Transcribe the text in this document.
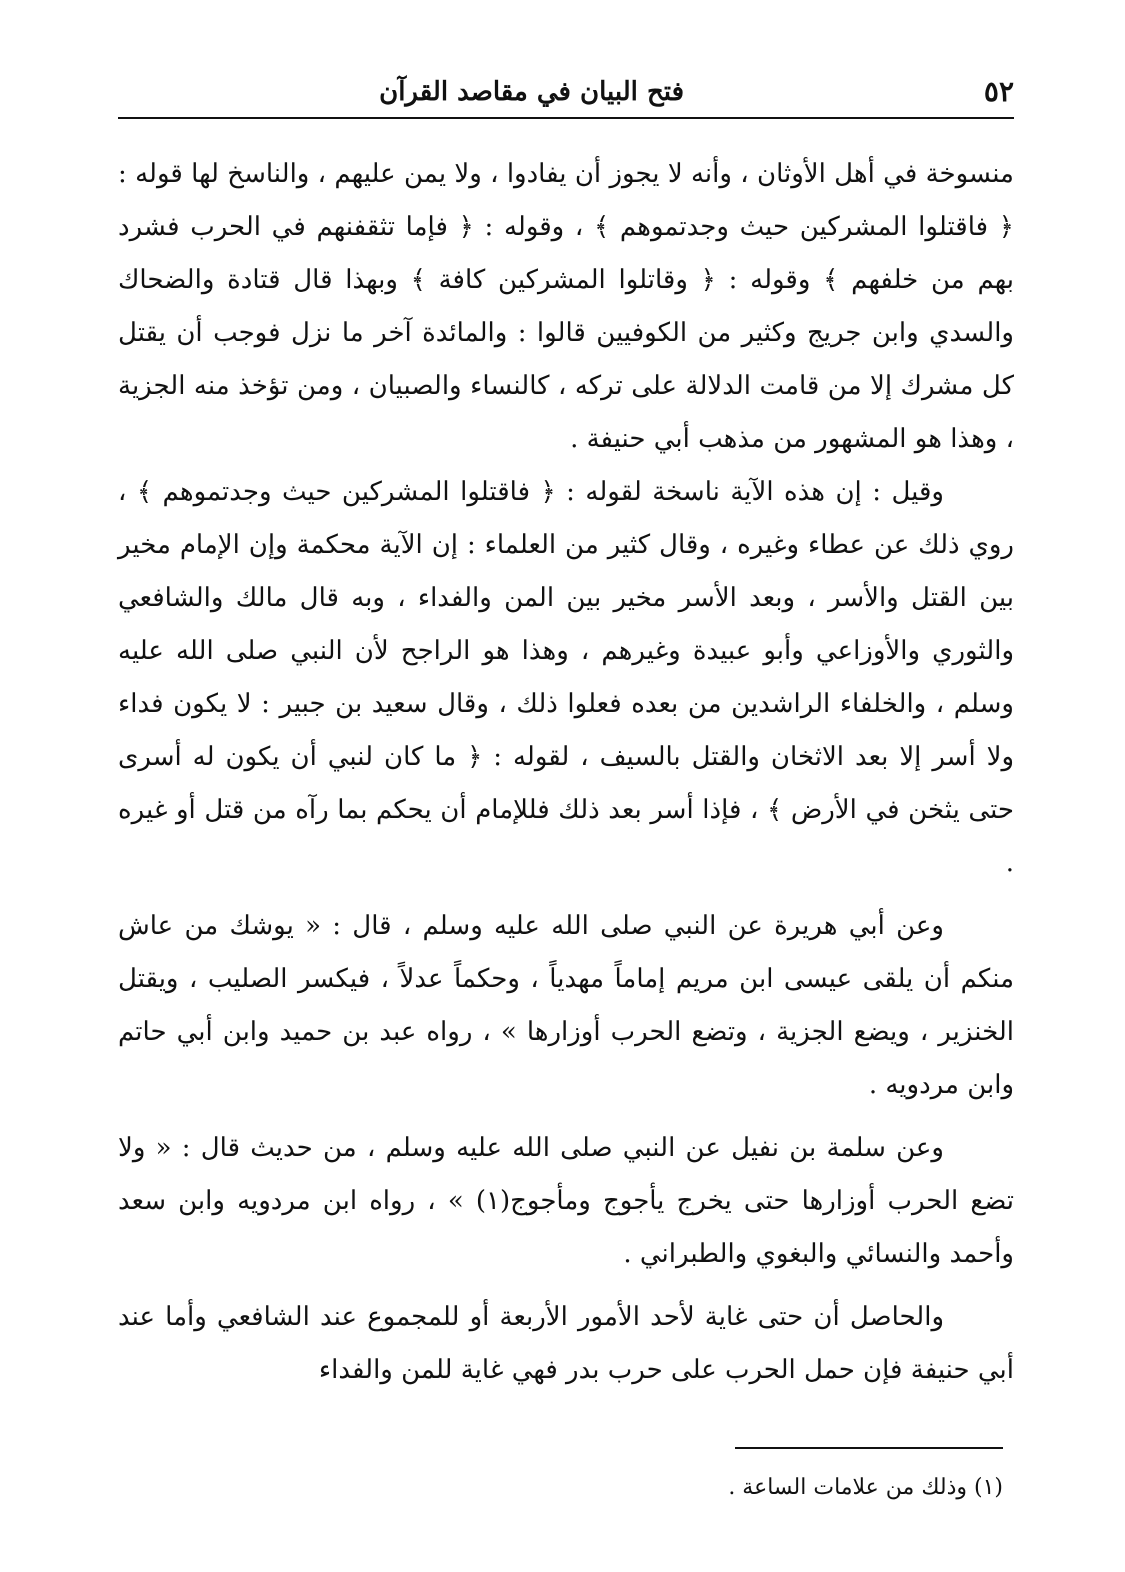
٥٢
فتح البيان في مقاصد القرآن

منسوخة في أهل الأوثان ، وأنه لا يجوز أن يفادوا ، ولا يمن عليهم ، والناسخ لها قوله : ﴿ فاقتلوا المشركين حيث وجدتموهم ﴾ ، وقوله : ﴿ فإما تثقفنهم في الحرب فشرد بهم من خلفهم ﴾ وقوله : ﴿ وقاتلوا المشركين كافة ﴾ وبهذا قال قتادة والضحاك والسدي وابن جريج وكثير من الكوفيين قالوا : والمائدة آخر ما نزل فوجب أن يقتل كل مشرك إلا من قامت الدلالة على تركه ، كالنساء والصبيان ، ومن تؤخذ منه الجزية ، وهذا هو المشهور من مذهب أبي حنيفة .

وقيل : إن هذه الآية ناسخة لقوله : ﴿ فاقتلوا المشركين حيث وجدتموهم ﴾ ، روي ذلك عن عطاء وغيره ، وقال كثير من العلماء : إن الآية محكمة وإن الإمام مخير بين القتل والأسر ، وبعد الأسر مخير بين المن والفداء ، وبه قال مالك والشافعي والثوري والأوزاعي وأبو عبيدة وغيرهم ، وهذا هو الراجح لأن النبي صلى الله عليه وسلم ، والخلفاء الراشدين من بعده فعلوا ذلك ، وقال سعيد بن جبير : لا يكون فداء ولا أسر إلا بعد الاثخان والقتل بالسيف ، لقوله : ﴿ ما كان لنبي أن يكون له أسرى حتى يثخن في الأرض ﴾ ، فإذا أسر بعد ذلك فللإمام أن يحكم بما رآه من قتل أو غيره .

وعن أبي هريرة عن النبي صلى الله عليه وسلم ، قال : « يوشك من عاش منكم أن يلقى عيسى ابن مريم إماماً مهدياً ، وحكماً عدلاً ، فيكسر الصليب ، ويقتل الخنزير ، ويضع الجزية ، وتضع الحرب أوزارها » ، رواه عبد بن حميد وابن أبي حاتم وابن مردويه .

وعن سلمة بن نفيل عن النبي صلى الله عليه وسلم ، من حديث قال : « ولا تضع الحرب أوزارها حتى يخرج يأجوج ومأجوج(١) » ، رواه ابن مردويه وابن سعد وأحمد والنسائي والبغوي والطبراني .

والحاصل أن حتى غاية لأحد الأمور الأربعة أو للمجموع عند الشافعي وأما عند أبي حنيفة فإن حمل الحرب على حرب بدر فهي غاية للمن والفداء

(١) وذلك من علامات الساعة .
